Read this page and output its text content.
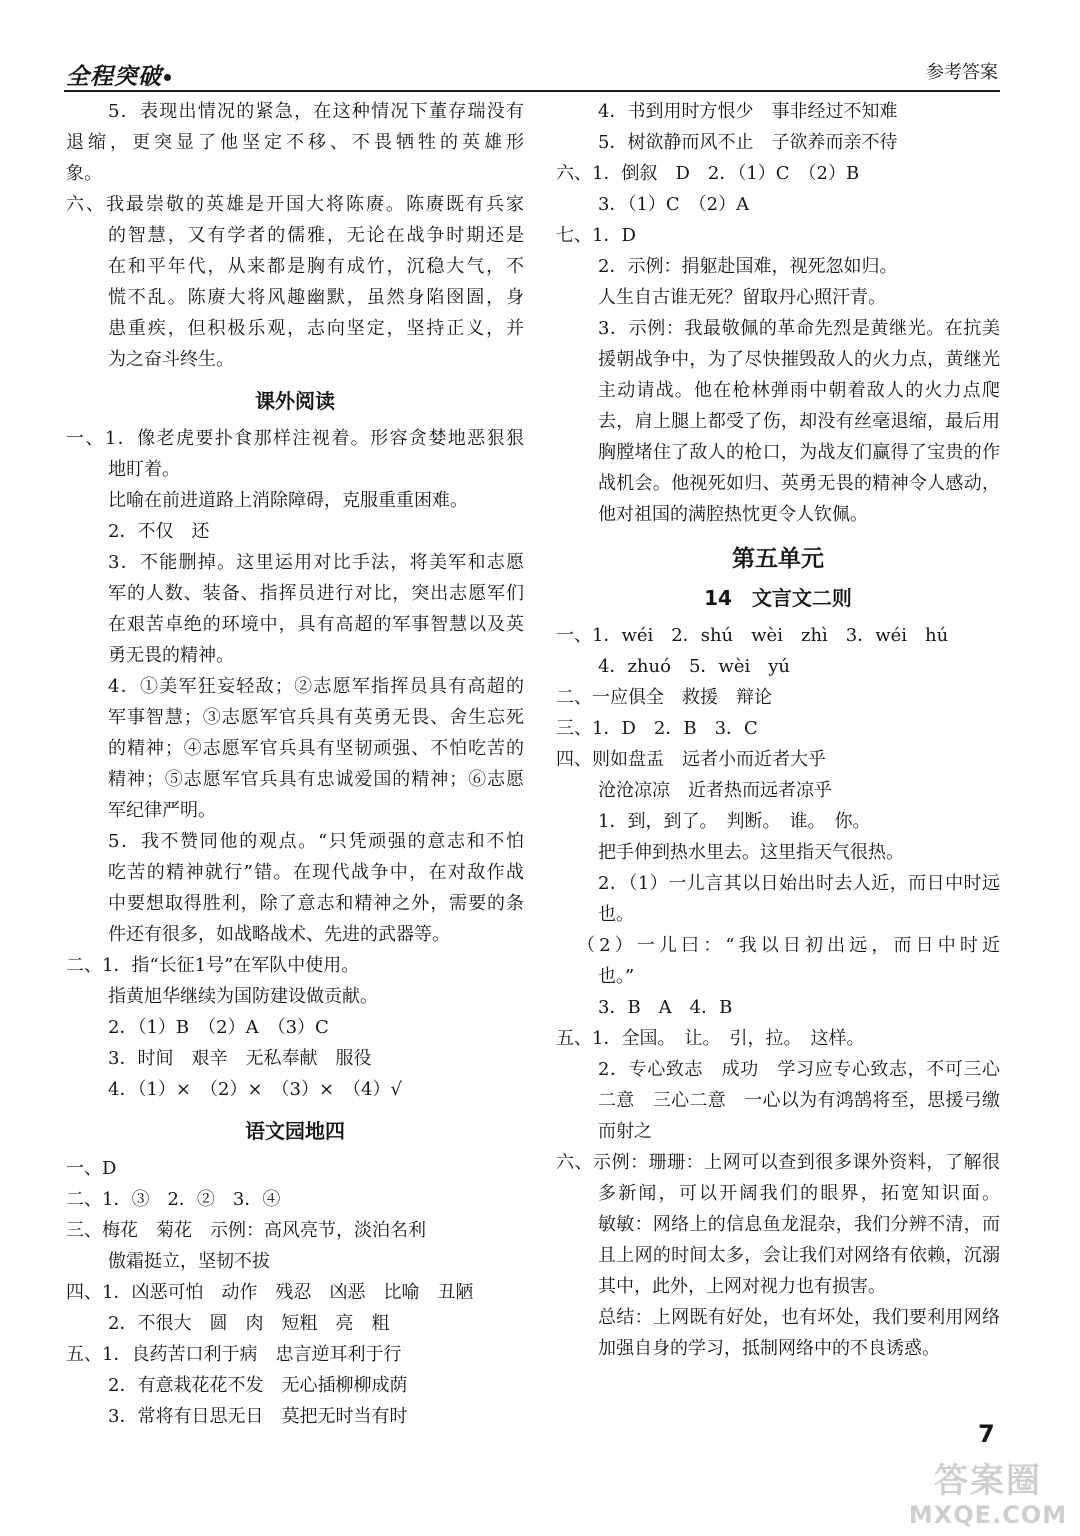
全程突破	参考答案
5．表现出情况的紧急，在这种情况下董存瑞没有
退缩，更突显了他坚定不移、不畏牺牲的英雄形
象。
六、我最崇敬的英雄是开国大将陈赓。陈赓既有兵家
的智慧，又有学者的儒雅，无论在战争时期还是
在和平年代，从来都是胸有成竹，沉稳大气，不
慌不乱。陈赓大将风趣幽默，虽然身陷囹圄，身
患重疾，但积极乐观，志向坚定，坚持正义，并
为之奋斗终生。
课外阅读
一、1．像老虎要扑食那样注视着。形容贪婪地恶狠狠
地盯着。
比喻在前进道路上消除障碍，克服重重困难。
2．不仅　还
3．不能删掉。这里运用对比手法，将美军和志愿
军的人数、装备、指挥员进行对比，突出志愿军们
在艰苦卓绝的环境中，具有高超的军事智慧以及英
勇无畏的精神。
4．①美军狂妄轻敌；②志愿军指挥员具有高超的
军事智慧；③志愿军官兵具有英勇无畏、舍生忘死
的精神；④志愿军官兵具有坚韧顽强、不怕吃苦的
精神；⑤志愿军官兵具有忠诚爱国的精神；⑥志愿
军纪律严明。
5．我不赞同他的观点。“只凭顽强的意志和不怕
吃苦的精神就行”错。在现代战争中，在对敌作战
中要想取得胜利，除了意志和精神之外，需要的条
件还有很多，如战略战术、先进的武器等。
二、1．指“长征1号”在军队中使用。
指黄旭华继续为国防建设做贡献。
2．（1）B　（2）A　（3）C
3．时间　艰辛　无私奉献　服役
4．（1）×　（2）×　（3）×　（4）√
语文园地四
一、D
二、1．③　2．②　3．④
三、梅花　菊花　示例：高风亮节，淡泊名利
傲霜挺立，坚韧不拔
四、1．凶恶可怕　动作　残忍　凶恶　比喻　丑陋
2．不很大　圆　肉　短粗　亮　粗
五、1．良药苦口利于病　忠言逆耳利于行
2．有意栽花花不发　无心插柳柳成荫
3．常将有日思无日　莫把无时当有时
4．书到用时方恨少　事非经过不知难
5．树欲静而风不止　子欲养而亲不待
六、1．倒叙　D　2．（1）C　（2）B
3．（1）C　（2）A
七、1．D
2．示例：捐躯赴国难，视死忽如归。
人生自古谁无死？留取丹心照汗青。
3．示例：我最敬佩的革命先烈是黄继光。在抗美
援朝战争中，为了尽快摧毁敌人的火力点，黄继光
主动请战。他在枪林弹雨中朝着敌人的火力点爬
去，肩上腿上都受了伤，却没有丝毫退缩，最后用
胸膛堵住了敌人的枪口，为战友们赢得了宝贵的作
战机会。他视死如归、英勇无畏的精神令人感动，
他对祖国的满腔热忱更令人钦佩。
第五单元
14　文言文二则
一、1．wéi　2．shú　wèi　zhì　3．wéi　hú
4．zhuó　5．wèi　yú
二、一应俱全　救援　辩论
三、1．D　2．B　3．C
四、则如盘盂　远者小而近者大乎
沧沧凉凉　近者热而远者凉乎
1．到，到了。　判断。　谁。　你。
把手伸到热水里去。这里指天气很热。
2．（1）一儿言其以日始出时去人近，而日中时远
也。
（2）一儿曰：“我以日初出远，而日中时近
也。”
3．B　A　4．B
五、1．全国。　让。　引，拉。　这样。
2．专心致志　成功　学习应专心致志，不可三心
二意　三心二意　一心以为有鸿鹄将至，思援弓缴
而射之
六、示例：珊珊：上网可以查到很多课外资料，了解很
多新闻，可以开阔我们的眼界，拓宽知识面。
敏敏：网络上的信息鱼龙混杂，我们分辨不清，而
且上网的时间太多，会让我们对网络有依赖，沉溺
其中，此外，上网对视力也有损害。
总结：上网既有好处，也有坏处，我们要利用网络
加强自身的学习，抵制网络中的不良诱惑。
7
答案圈
MXQE.COM
